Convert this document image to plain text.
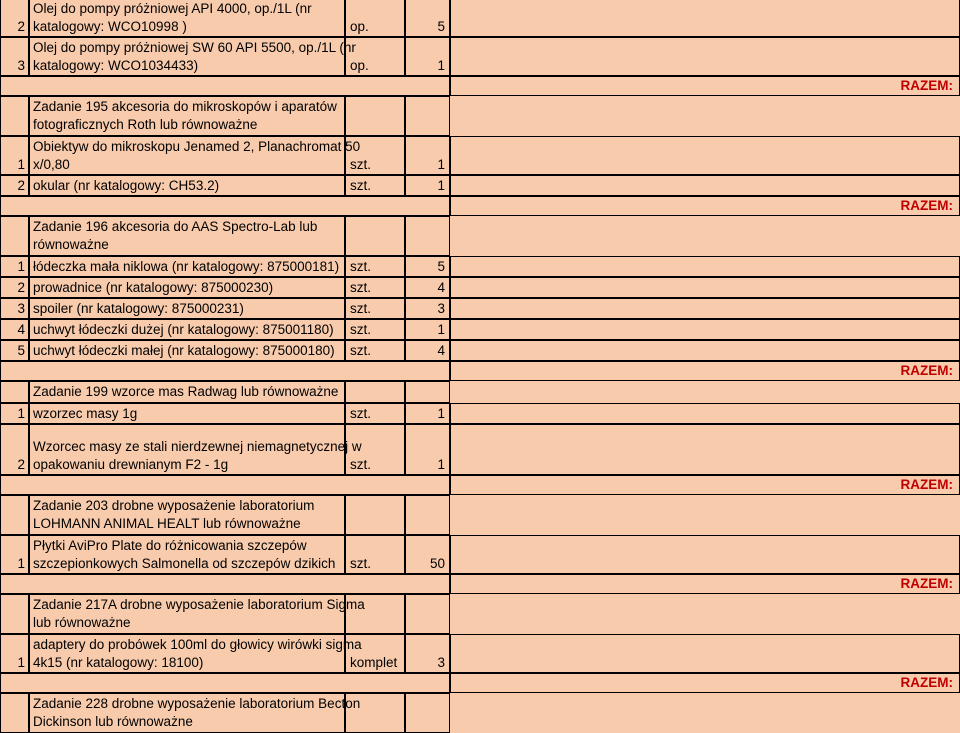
2
Olej do pompy próżniowej API 4000, op./1L (nr
katalogowy: WCO10998 )	op.	5
3
Olej do pompy próżniowej SW 60 API 5500, op./1L (nr
katalogowy: WCO1034433)	op.	1
RAZEM:
Zadanie 195 akcesoria do mikroskopów i aparatów
fotograficznych Roth lub równoważne
1
Obiektyw do mikroskopu Jenamed 2, Planachromat 50
x/0,80	szt.	1
2 okular (nr katalogowy: CH53.2)	szt.	1
RAZEM:
Zadanie 196 akcesoria do AAS Spectro-Lab lub
równoważne
1 łódeczka mała niklowa (nr katalogowy: 875000181) szt.	5
2 prowadnice (nr katalogowy: 875000230)	szt.	4
3 spoiler (nr katalogowy: 875000231)	szt.	3
4 uchwyt łódeczki dużej (nr katalogowy: 875001180)	szt.	1
5 uchwyt łódeczki małej (nr katalogowy: 875000180)	szt.	4
RAZEM:
Zadanie 199 wzorce mas Radwag lub równoważne
1 wzorzec masy 1g	szt.	1
2
Wzorcec masy ze stali nierdzewnej niemagnetycznej w
opakowaniu drewnianym F2 - 1g	szt.	1
RAZEM:
Zadanie 203 drobne wyposażenie laboratorium
LOHMANN ANIMAL HEALT lub równoważne
1
Płytki AviPro Plate do różnicowania szczepów
szczepionkowych Salmonella od szczepów dzikich	szt.	50
RAZEM:
Zadanie 217A drobne wyposażenie laboratorium Sigma
lub równoważne
1
adaptery do probówek 100ml do głowicy wirówki sigma
4k15 (nr katalogowy: 18100)	komplet	3
RAZEM:
Zadanie 228 drobne wyposażenie laboratorium Becton
Dickinson lub równoważne
